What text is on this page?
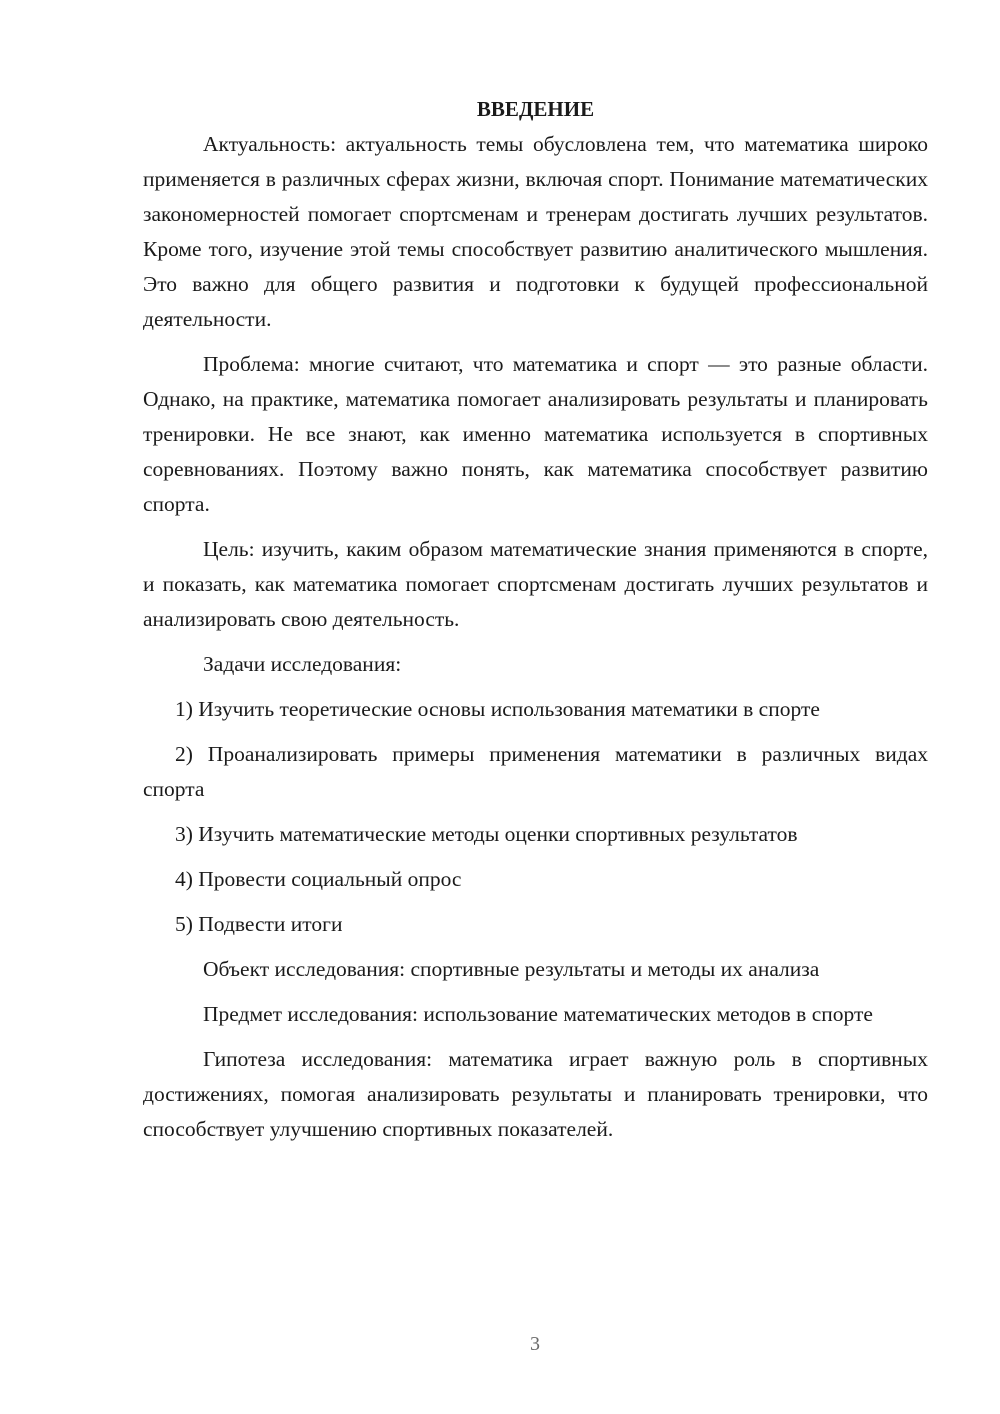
ВВЕДЕНИЕ

Актуальность: актуальность темы обусловлена тем, что математика широко применяется в различных сферах жизни, включая спорт. Понимание математических закономерностей помогает спортсменам и тренерам достигать лучших результатов. Кроме того, изучение этой темы способствует развитию аналитического мышления. Это важно для общего развития и подготовки к будущей профессиональной деятельности.

Проблема: многие считают, что математика и спорт — это разные области. Однако, на практике, математика помогает анализировать результаты и планировать тренировки. Не все знают, как именно математика используется в спортивных соревнованиях. Поэтому важно понять, как математика способствует развитию спорта.

Цель: изучить, каким образом математические знания применяются в спорте, и показать, как математика помогает спортсменам достигать лучших результатов и анализировать свою деятельность.

Задачи исследования:

1) Изучить теоретические основы использования математики в спорте

2) Проанализировать примеры применения математики в различных видах спорта

3) Изучить математические методы оценки спортивных результатов

4) Провести социальный опрос

5) Подвести итоги

Объект исследования: спортивные результаты и методы их анализа

Предмет исследования: использование математических методов в спорте

Гипотеза исследования: математика играет важную роль в спортивных достижениях, помогая анализировать результаты и планировать тренировки, что способствует улучшению спортивных показателей.

3
